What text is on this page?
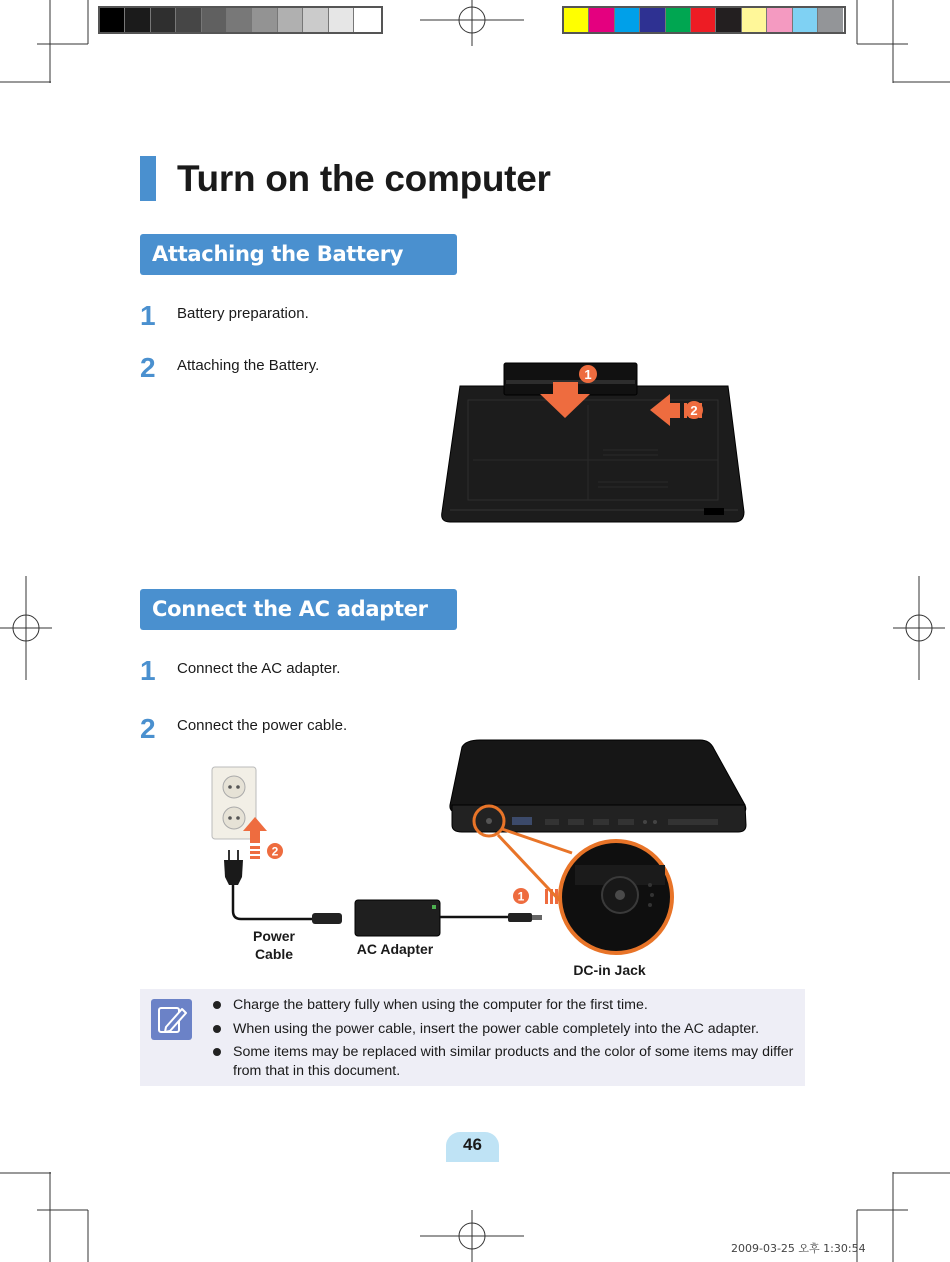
Turn on the computer
Attaching the Battery
1 Battery preparation.
2 Attaching the Battery.
1
2
Connect the AC adapter
1 Connect the AC adapter.
2 Connect the power cable.
2
1
Power
Cable	AC Adapter
DC-in Jack
Charge the battery fully when using the computer for the first time.
When using the power cable, insert the power cable completely into the AC adapter.
Some items may be replaced with similar products and the color of some items may differ from that in this document.
46
2009-03-25 오후 1:30:54
